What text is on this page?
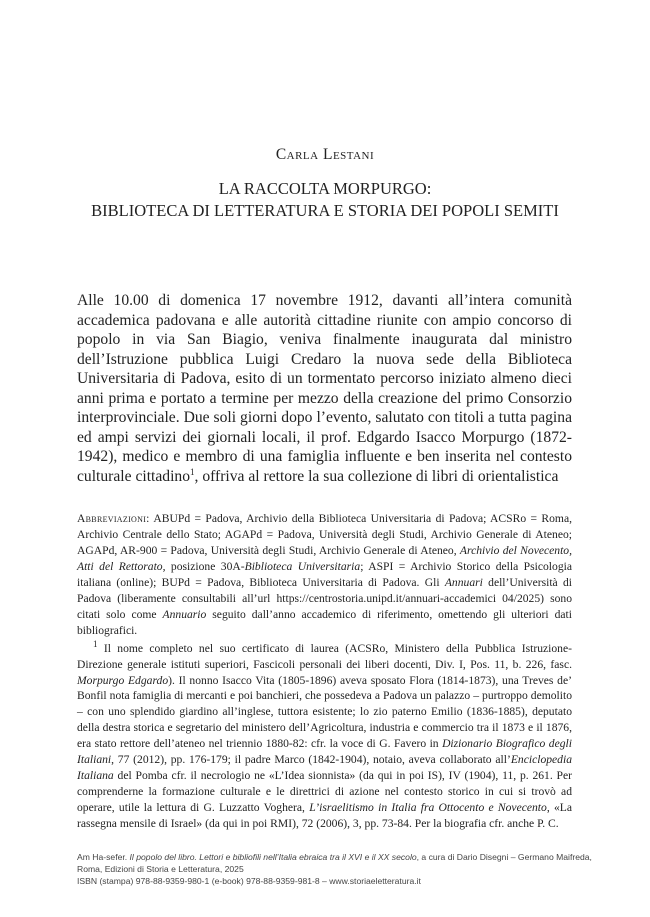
Carla Lestani
LA RACCOLTA MORPURGO:
BIBLIOTECA DI LETTERATURA E STORIA DEI POPOLI SEMITI
Alle 10.00 di domenica 17 novembre 1912, davanti all’intera comunità accademica padovana e alle autorità cittadine riunite con ampio concorso di popolo in via San Biagio, veniva finalmente inaugurata dal ministro dell’Istruzione pubblica Luigi Credaro la nuova sede della Biblioteca Universitaria di Padova, esito di un tormentato percorso iniziato almeno dieci anni prima e portato a termine per mezzo della creazione del primo Consorzio interprovinciale. Due soli giorni dopo l’evento, salutato con titoli a tutta pagina ed ampi servizi dei giornali locali, il prof. Edgardo Isacco Morpurgo (1872-1942), medico e membro di una famiglia influente e ben inserita nel contesto culturale cittadino$^1$, offriva al rettore la sua collezione di libri di orientalistica

Abbreviazioni: ABUPd = Padova, Archivio della Biblioteca Universitaria di Padova; ACSRo = Roma, Archivio Centrale dello Stato; AGAPd = Padova, Università degli Studi, Archivio Generale di Ateneo; AGAPd, AR-900 = Padova, Università degli Studi, Archivio Generale di Ateneo, Archivio del Novecento, Atti del Rettorato, posizione 30A-Biblioteca Universitaria; ASPI = Archivio Storico della Psicologia italiana (online); BUPd = Padova, Biblioteca Universitaria di Padova. Gli Annuari dell’Università di Padova (liberamente consultabili all’url https://centrostoria.unipd.it/annuari-accademici 04/2025) sono citati solo come Annuario seguito dall’anno accademico di riferimento, omettendo gli ulteriori dati bibliografici.

$^1$ Il nome completo nel suo certificato di laurea (ACSRo, Ministero della Pubblica Istruzione-Direzione generale istituti superiori, Fascicoli personali dei liberi docenti, Div. I, Pos. 11, b. 226, fasc. Morpurgo Edgardo). Il nonno Isacco Vita (1805-1896) aveva sposato Flora (1814-1873), una Treves de’ Bonfil nota famiglia di mercanti e poi banchieri, che possedeva a Padova un palazzo – purtroppo demolito – con uno splendido giardino all’inglese, tuttora esistente; lo zio paterno Emilio (1836-1885), deputato della destra storica e segretario del ministero dell’Agricoltura, industria e commercio tra il 1873 e il 1876, era stato rettore dell’ateneo nel triennio 1880-82: cfr. la voce di G. Favero in Dizionario Biografico degli Italiani, 77 (2012), pp. 176-179; il padre Marco (1842-1904), notaio, aveva collaborato all’Enciclopedia Italiana del Pomba cfr. il necrologio ne «L’Idea sionnista» (da qui in poi IS), IV (1904), 11, p. 261. Per comprenderne la formazione culturale e le direttrici di azione nel contesto storico in cui si trovò ad operare, utile la lettura di G. Luzzatto Voghera, L’israelitismo in Italia fra Ottocento e Novecento, «La rassegna mensile di Israel» (da qui in poi RMI), 72 (2006), 3, pp. 73-84. Per la biografia cfr. anche P. C.

Am Ha-sefer. Il popolo del libro. Lettori e bibliofili nell’Italia ebraica tra il XVI e il XX secolo, a cura di Dario Disegni – Germano Maifreda, Roma, Edizioni di Storia e Letteratura, 2025

ISBN (stampa) 978-88-9359-980-1 (e-book) 978-88-9359-981-8 – www.storiaeletteratura.it
